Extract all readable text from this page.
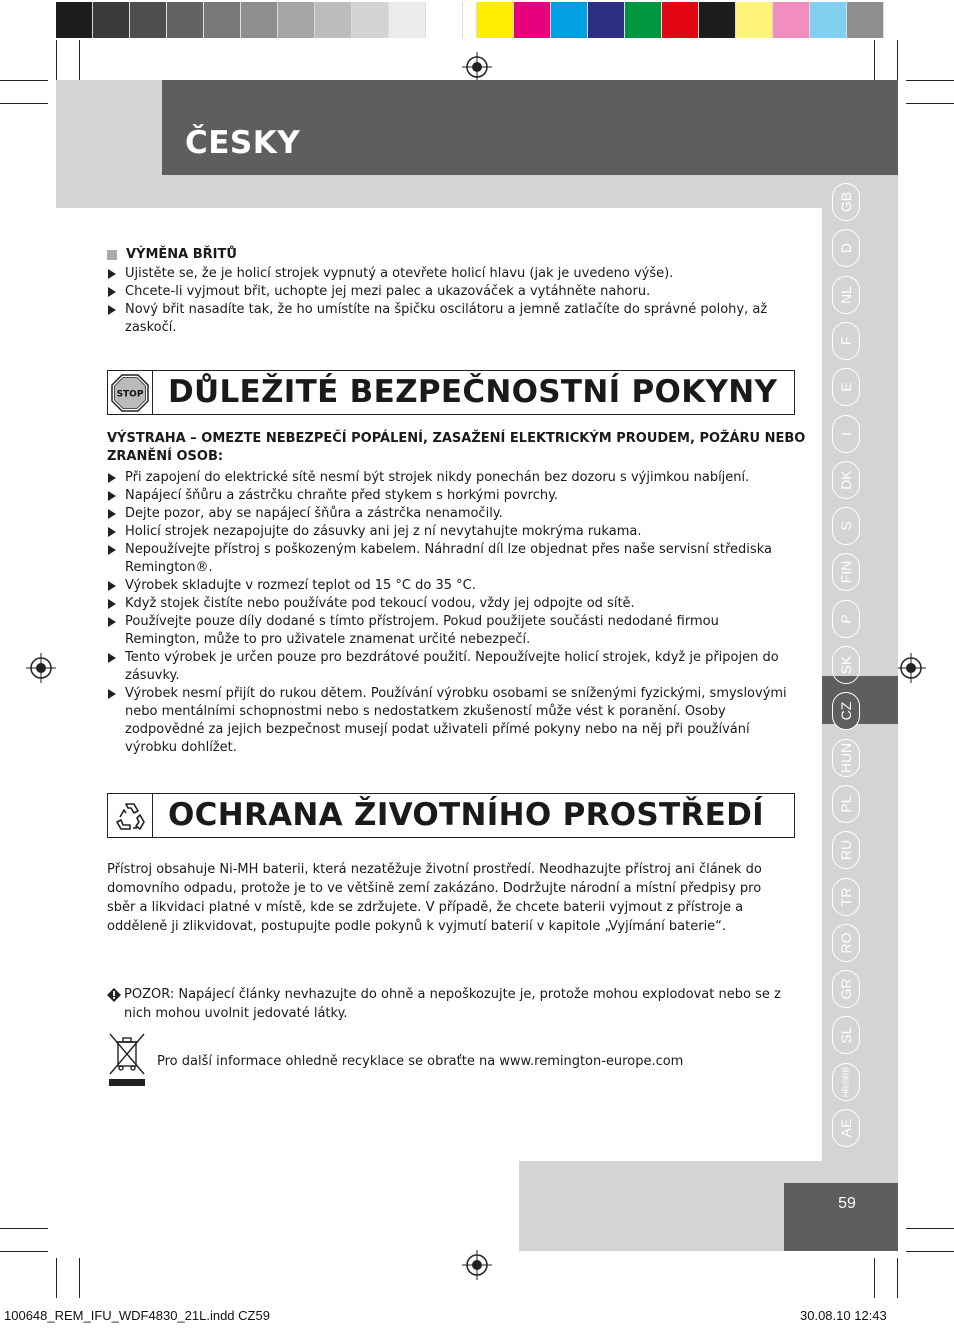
ČESKY
GB
D
NL
F
E
I
DK
S
FIN
P
SK
CZ
HUN
PL
RU
TR
RO
GR
SL
HR/SRB
AE
VÝMĚNA BŘITŮ
Ujistěte se, že je holicí strojek vypnutý a otevřete holicí hlavu (jak je uvedeno výše).
Chcete-li vyjmout břit, uchopte jej mezi palec a ukazováček a vytáhněte nahoru.
Nový břit nasadíte tak, že ho umístíte na špičku oscilátoru a jemně zatlačíte do správné polohy, až zaskočí.
STOP DŮLEŽITÉ BEZPEČNOSTNÍ POKYNY
VÝSTRAHA – OMEZTE NEBEZPEČÍ POPÁLENÍ, ZASAŽENÍ ELEKTRICKÝM PROUDEM, POŽÁRU NEBO ZRANĚNÍ OSOB:
Při zapojení do elektrické sítě nesmí být strojek nikdy ponechán bez dozoru s výjimkou nabíjení.
Napájecí šňůru a zástrčku chraňte před stykem s horkými povrchy.
Dejte pozor, aby se napájecí šňůra a zástrčka nenamočily.
Holicí strojek nezapojujte do zásuvky ani jej z ní nevytahujte mokrýma rukama.
Nepoužívejte přístroj s poškozeným kabelem. Náhradní díl lze objednat přes naše servisní střediska Remington®.
Výrobek skladujte v rozmezí teplot od 15 °C do 35 °C.
Když stojek čistíte nebo používáte pod tekoucí vodou, vždy jej odpojte od sítě.
Používejte pouze díly dodané s tímto přístrojem. Pokud použijete součásti nedodané firmou Remington, může to pro uživatele znamenat určité nebezpečí.
Tento výrobek je určen pouze pro bezdrátové použití. Nepoužívejte holicí strojek, když je připojen do zásuvky.
Výrobek nesmí přijít do rukou dětem. Používání výrobku osobami se sníženými fyzickými, smyslovými nebo mentálními schopnostmi nebo s nedostatkem zkušeností může vést k poranění. Osoby zodpovědné za jejich bezpečnost musejí podat uživateli přímé pokyny nebo na něj při používání výrobku dohlížet.
OCHRANA ŽIVOTNÍHO PROSTŘEDÍ
Přístroj obsahuje Ni-MH baterii, která nezatěžuje životní prostředí. Neodhazujte přístroj ani článek do domovního odpadu, protože je to ve většině zemí zakázáno. Dodržujte národní a místní předpisy pro sběr a likvidaci platné v místě, kde se zdržujete. V případě, že chcete baterii vyjmout z přístroje a odděleně ji zlikvidovat, postupujte podle pokynů k vyjmutí baterií v kapitole „Vyjímání baterie“.
POZOR: Napájecí články nevhazujte do ohně a nepoškozujte je, protože mohou explodovat nebo se z nich mohou uvolnit jedovaté látky.
Pro další informace ohledně recyklace se obraťte na www.remington-europe.com
59
100648_REM_IFU_WDF4830_21L.indd CZ59	30.08.10 12:43
